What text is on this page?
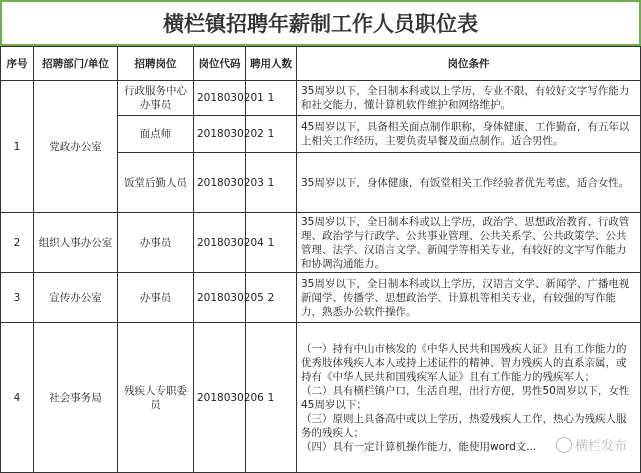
横栏镇招聘年薪制工作人员职位表
序号	招聘部门/单位	招聘岗位	岗位代码	聘用人数	岗位条件
1	党政办公室	行政服务中心办事员	2018030201	1	35周岁以下，全日制本科或以上学历，专业不限，有较好文字写作能力和社交能力，懂计算机软件维护和网络维护。
		面点师	2018030202	1	45周岁以下，具备相关面点制作职称，身体健康，工作勤奋，有五年以上相关工作经历，主要负责早餐及面点制作。适合男性。
		饭堂后勤人员	2018030203	1	35周岁以下，身体健康，有饭堂相关工作经验者优先考虑，适合女性。
2	组织人事办公室	办事员	2018030204	1	35周岁以下，全日制本科或以上学历，政治学、思想政治教育、行政管理、政治学与行政学、公共事业管理、公共关系学、公共政策学、公共管理、法学、汉语言文学、新闻学等相关专业，有较好的文字写作能力和协调沟通能力。
3	宣传办公室	办事员	2018030205	2	35周岁以下，全日制本科或以上学历，汉语言文学、新闻学、广播电视新闻学、传播学、思想政治学、计算机等相关专业，有较强的写作能力，熟悉办公软件操作。
4	社会事务局	残疾人专职委员	2018030206	1	（一）持有中山市核发的《中华人民共和国残疾人证》且有工作能力的优秀肢体残疾人本人或持上述证件的精神、智力残疾人的直系亲属，或持有《中华人民共和国残疾军人证》且有工作能力的残疾军人；
（二）具有横栏镇户口，生活自理，出行方便，男性50周岁以下，女性45周岁以下；
（三）原则上具备高中或以上学历，热爱残疾人工作，热心为残疾人服务的残疾人；
（四）具有一定计算机操作能力，能使用word文...	横栏发布
